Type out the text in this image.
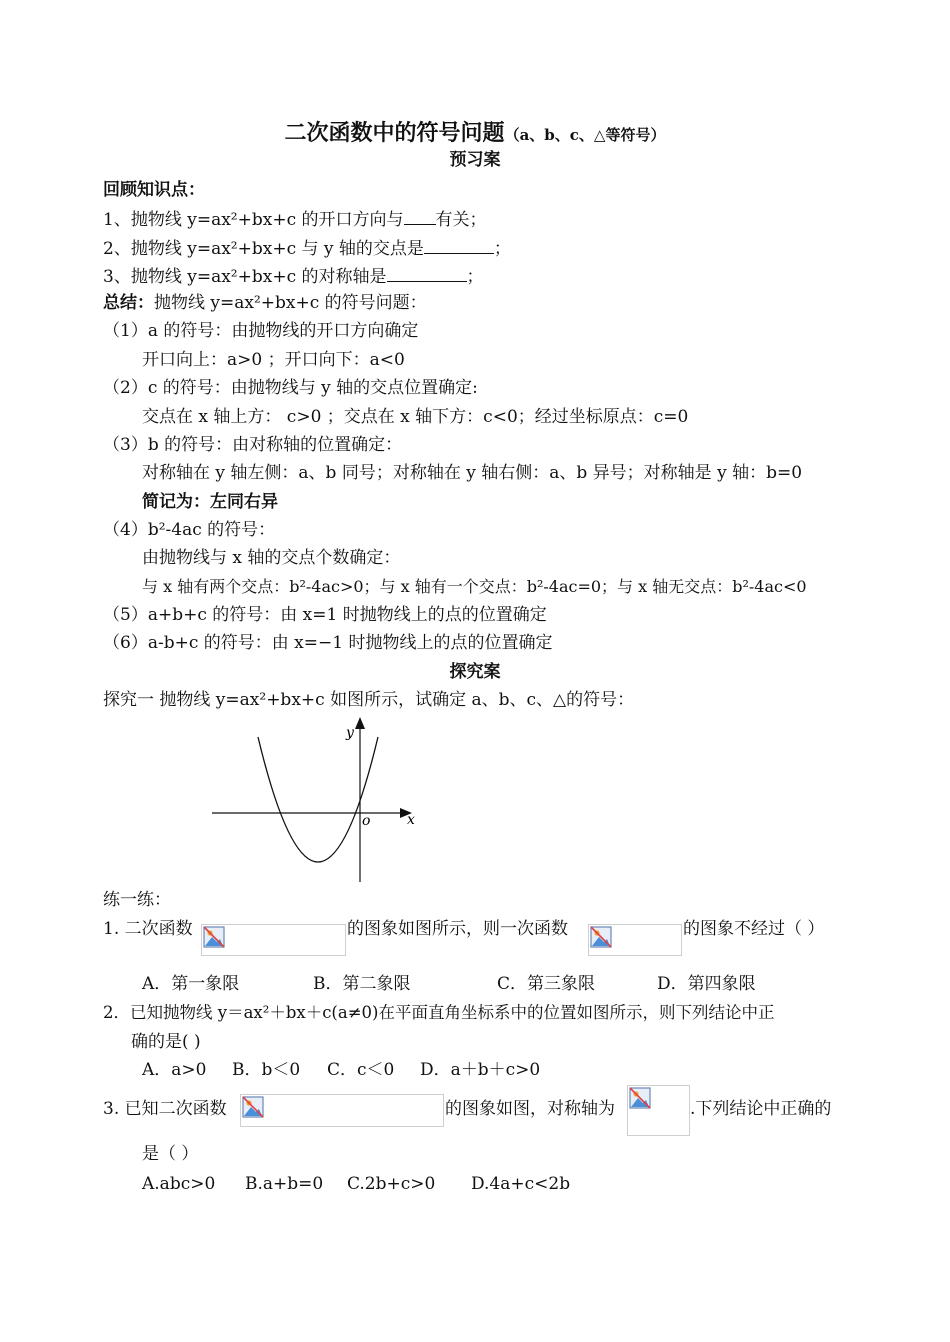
二次函数中的符号问题（a、b、c、△等符号）
预习案
回顾知识点：
1、抛物线 y=ax²+bx+c 的开口方向与 有关；
2、抛物线 y=ax²+bx+c 与 y 轴的交点是	；
3、抛物线 y=ax²+bx+c 的对称轴是	；
总结：抛物线 y=ax²+bx+c 的符号问题：
（1）a 的符号：由抛物线的开口方向确定
开口向上：a>0 ；开口向下：a<0
（2）c 的符号：由抛物线与 y 轴的交点位置确定:
交点在 x 轴上方： c>0 ；交点在 x 轴下方：c<0；经过坐标原点：c=0
（3）b 的符号：由对称轴的位置确定：
对称轴在 y 轴左侧：a、b 同号；对称轴在 y 轴右侧：a、b 异号；对称轴是 y 轴：b=0
简记为：左同右异
（4）b²-4ac 的符号：
由抛物线与 x 轴的交点个数确定：
与 x 轴有两个交点：b²-4ac>0；与 x 轴有一个交点：b²-4ac=0；与 x 轴无交点：b²-4ac<0
（5）a+b+c 的符号：由 x=1 时抛物线上的点的位置确定
（6）a-b+c 的符号：由 x=−1 时抛物线上的点的位置确定
探究案
探究一 抛物线 y=ax²+bx+c 如图所示，试确定 a、b、c、△的符号：
x
y
o
练一练：
1. 二次函数	的图象如图所示，则一次函数	的图象不经过（ ）
A．第一象限	B．第二象限	C．第三象限	D．第四象限
2．已知抛物线 y＝ax²＋bx＋c(a≠0)在平面直角坐标系中的位置如图所示，则下列结论中正
确的是( )
A．a>0 B．b＜0 C．c＜0 D．a＋b＋c>0
3. 已知二次函数	的图象如图，对称轴为	.下列结论中正确的
是（ ）
A.abc>0 B.a+b=0 C.2b+c>0 D.4a+c<2b
